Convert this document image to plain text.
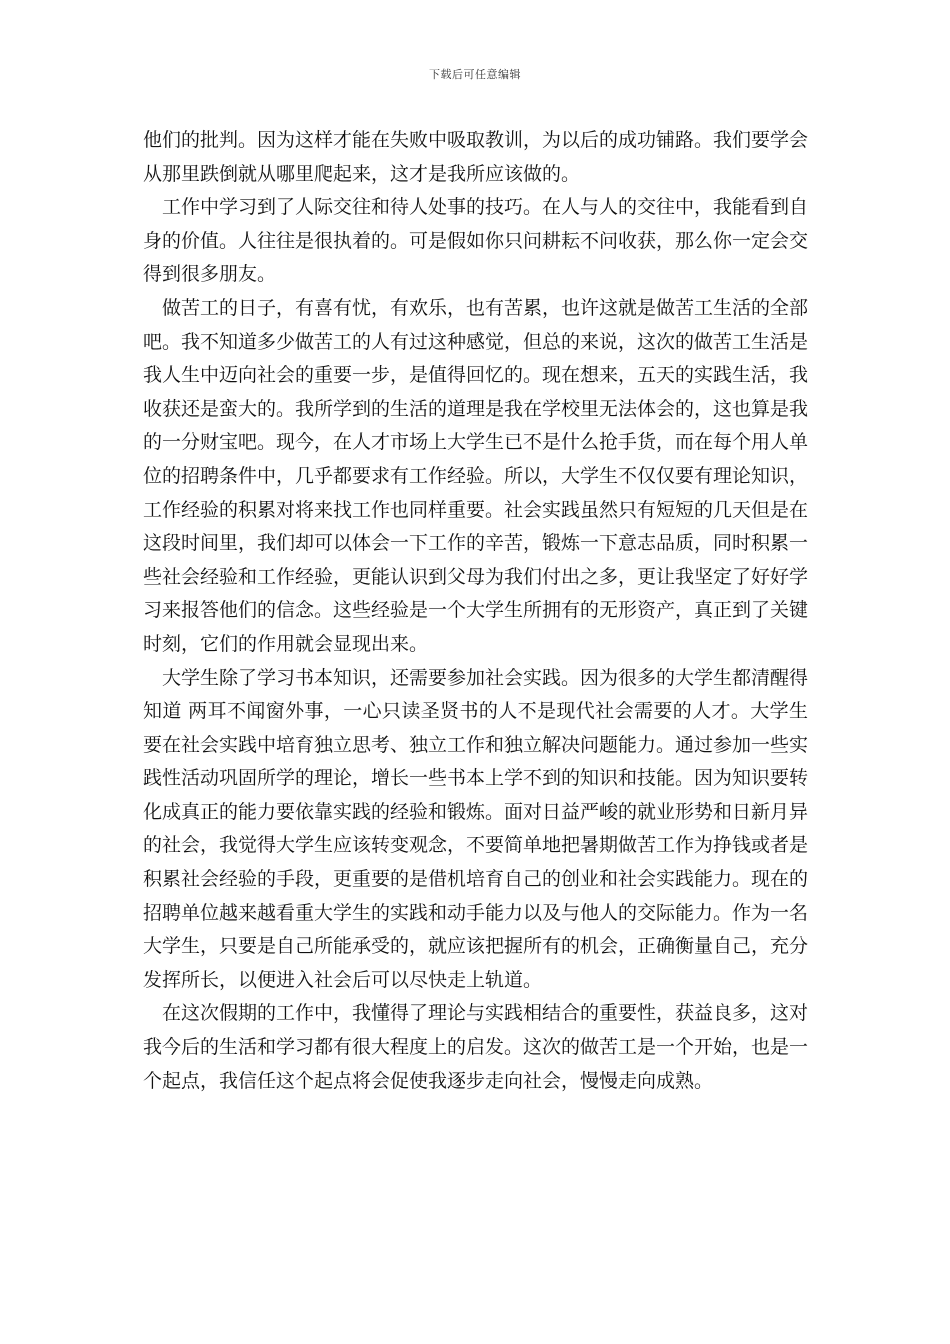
下载后可任意编辑

他们的批判。因为这样才能在失败中吸取教训，为以后的成功铺路。我们要学会从那里跌倒就从哪里爬起来，这才是我所应该做的。

工作中学习到了人际交往和待人处事的技巧。在人与人的交往中，我能看到自身的价值。人往往是很执着的。可是假如你只问耕耘不问收获，那么你一定会交得到很多朋友。

做苦工的日子，有喜有忧，有欢乐，也有苦累，也许这就是做苦工生活的全部吧。我不知道多少做苦工的人有过这种感觉，但总的来说，这次的做苦工生活是我人生中迈向社会的重要一步，是值得回忆的。现在想来，五天的实践生活，我收获还是蛮大的。我所学到的生活的道理是我在学校里无法体会的，这也算是我的一分财宝吧。现今，在人才市场上大学生已不是什么抢手货，而在每个用人单位的招聘条件中，几乎都要求有工作经验。所以，大学生不仅仅要有理论知识，工作经验的积累对将来找工作也同样重要。社会实践虽然只有短短的几天但是在这段时间里，我们却可以体会一下工作的辛苦，锻炼一下意志品质，同时积累一些社会经验和工作经验，更能认识到父母为我们付出之多，更让我坚定了好好学习来报答他们的信念。这些经验是一个大学生所拥有的无形资产，真正到了关键时刻，它们的作用就会显现出来。

大学生除了学习书本知识，还需要参加社会实践。因为很多的大学生都清醒得知道 两耳不闻窗外事，一心只读圣贤书的人不是现代社会需要的人才。大学生要在社会实践中培育独立思考、独立工作和独立解决问题能力。通过参加一些实践性活动巩固所学的理论，增长一些书本上学不到的知识和技能。因为知识要转化成真正的能力要依靠实践的经验和锻炼。面对日益严峻的就业形势和日新月异的社会，我觉得大学生应该转变观念，不要简单地把暑期做苦工作为挣钱或者是积累社会经验的手段，更重要的是借机培育自己的创业和社会实践能力。现在的招聘单位越来越看重大学生的实践和动手能力以及与他人的交际能力。作为一名大学生，只要是自己所能承受的，就应该把握所有的机会，正确衡量自己，充分发挥所长，以便进入社会后可以尽快走上轨道。

在这次假期的工作中，我懂得了理论与实践相结合的重要性，获益良多，这对我今后的生活和学习都有很大程度上的启发。这次的做苦工是一个开始，也是一个起点，我信任这个起点将会促使我逐步走向社会，慢慢走向成熟。
